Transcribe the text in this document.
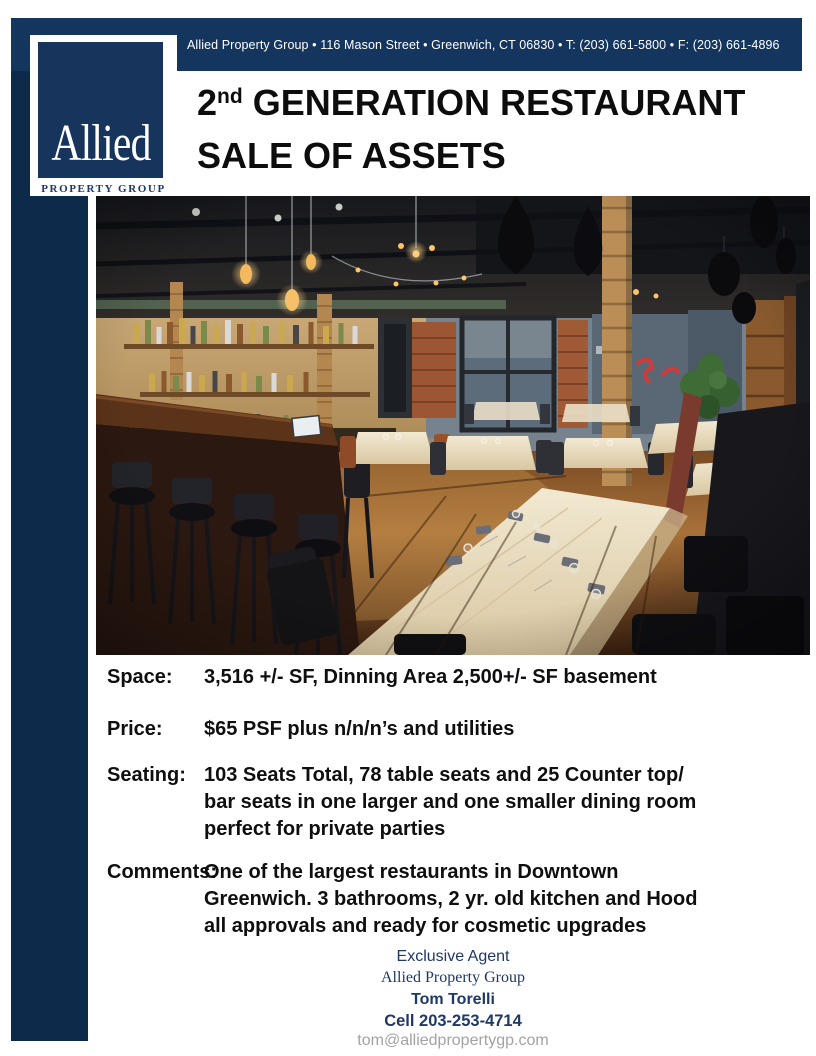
Allied Property Group • 116 Mason Street • Greenwich, CT 06830 • T: (203) 661-5800 • F: (203) 661-4896
Allied
PROPERTY GROUP
2nd GENERATION RESTAURANT
SALE OF ASSETS
Space: 3,516 +/- SF, Dinning Area 2,500+/- SF basement
Price: $65 PSF plus n/n/n’s and utilities
Seating: 103 Seats Total, 78 table seats and 25 Counter top/
bar seats in one larger and one smaller dining room
perfect for private parties
Comments:
One of the largest restaurants in Downtown
Greenwich. 3 bathrooms, 2 yr. old kitchen and Hood
all approvals and ready for cosmetic upgrades
Exclusive Agent
Allied Property Group
Tom Torelli
Cell 203-253-4714
tom@alliedpropertygp.com
